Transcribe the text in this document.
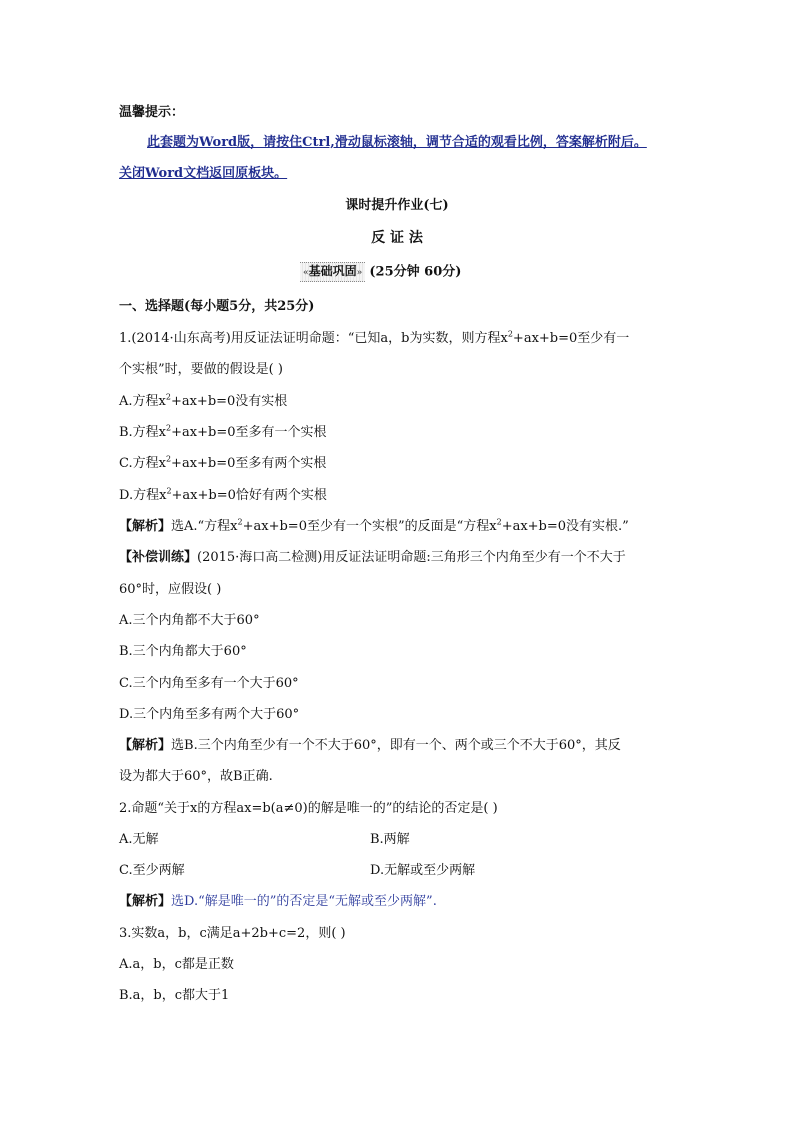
温馨提示：
此套题为Word版，请按住Ctrl,滑动鼠标滚轴，调节合适的观看比例，答案解析附后。
关闭Word文档返回原板块。
课时提升作业(七)
反 证 法
«基础巩固» (25分钟 60分)
一、选择题(每小题5分，共25分)
1.(2014·山东高考)用反证法证明命题：“已知a，b为实数，则方程$x^2+ax+b=0$至少有一
个实根”时，要做的假设是( )
A.方程$x^2+ax+b=0$没有实根
B.方程$x^2+ax+b=0$至多有一个实根
C.方程$x^2+ax+b=0$至多有两个实根
D.方程$x^2+ax+b=0$恰好有两个实根
【解析】选A.“方程$x^2+ax+b=0$至少有一个实根”的反面是“方程$x^2+ax+b=0$没有实根.”
【补偿训练】(2015·海口高二检测)用反证法证明命题:三角形三个内角至少有一个不大于
60°时，应假设( )
A.三个内角都不大于60°
B.三个内角都大于60°
C.三个内角至多有一个大于60°
D.三个内角至多有两个大于60°
【解析】选B.三个内角至少有一个不大于60°，即有一个、两个或三个不大于60°，其反
设为都大于60°，故B正确.
2.命题“关于x的方程ax=b(a≠0)的解是唯一的”的结论的否定是( )
A.无解	B.两解
C.至少两解	D.无解或至少两解
【解析】选D.“解是唯一的”的否定是“无解或至少两解”.
3.实数a，b，c满足a+2b+c=2，则( )
A.a，b，c都是正数
B.a，b，c都大于1
